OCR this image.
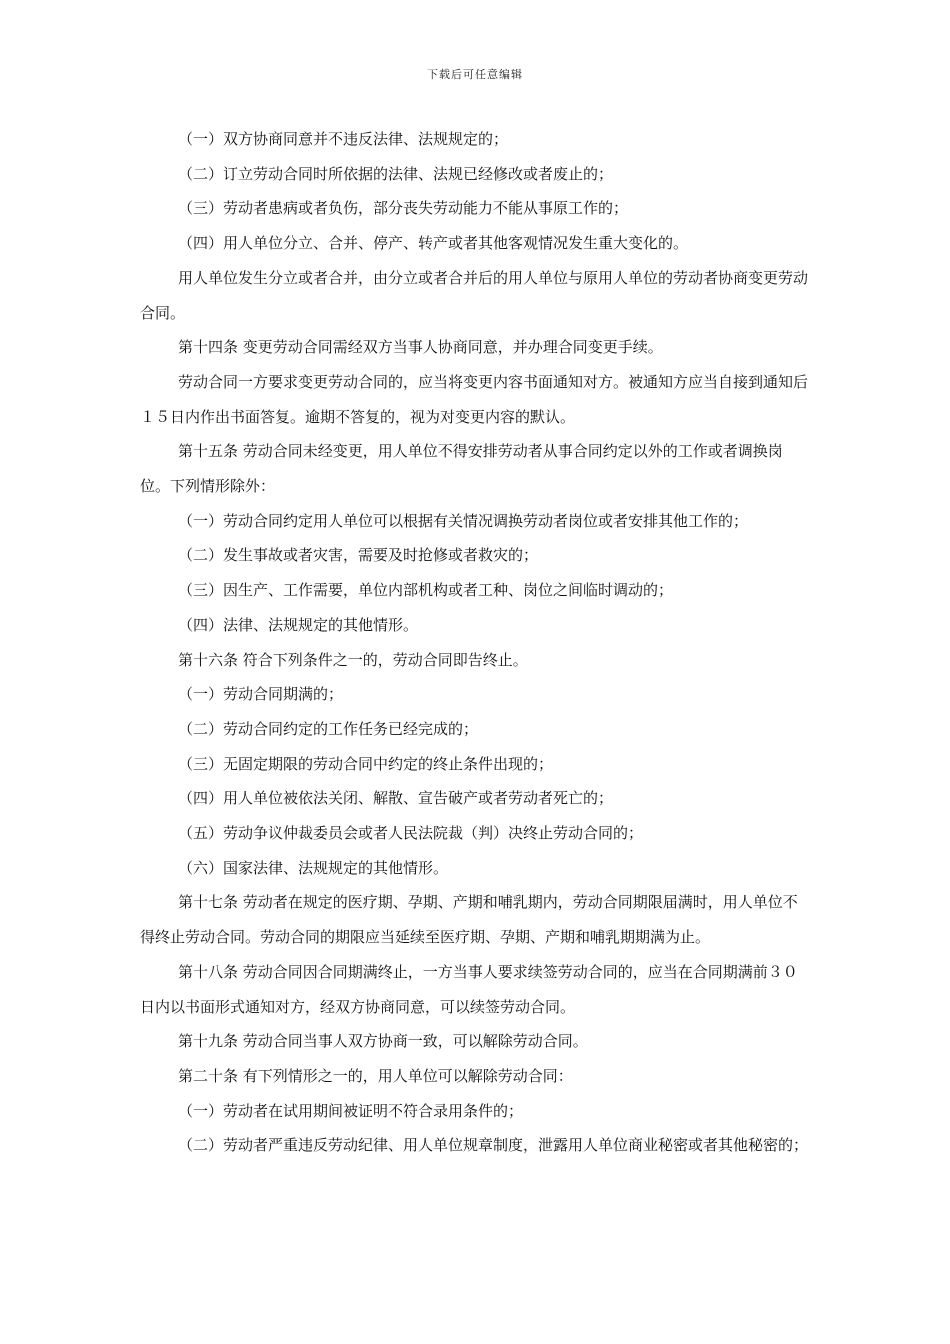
下载后可任意编辑

（一）双方协商同意并不违反法律、法规规定的；

（二）订立劳动合同时所依据的法律、法规已经修改或者废止的；

（三）劳动者患病或者负伤，部分丧失劳动能力不能从事原工作的；

（四）用人单位分立、合并、停产、转产或者其他客观情况发生重大变化的。

用人单位发生分立或者合并，由分立或者合并后的用人单位与原用人单位的劳动者协商变更劳动合同。

第十四条 变更劳动合同需经双方当事人协商同意，并办理合同变更手续。

劳动合同一方要求变更劳动合同的，应当将变更内容书面通知对方。被通知方应当自接到通知后１５日内作出书面答复。逾期不答复的，视为对变更内容的默认。

第十五条 劳动合同未经变更，用人单位不得安排劳动者从事合同约定以外的工作或者调换岗位。下列情形除外：

（一）劳动合同约定用人单位可以根据有关情况调换劳动者岗位或者安排其他工作的；

（二）发生事故或者灾害，需要及时抢修或者救灾的；

（三）因生产、工作需要，单位内部机构或者工种、岗位之间临时调动的；

（四）法律、法规规定的其他情形。

第十六条 符合下列条件之一的，劳动合同即告终止。

（一）劳动合同期满的；

（二）劳动合同约定的工作任务已经完成的；

（三）无固定期限的劳动合同中约定的终止条件出现的；

（四）用人单位被依法关闭、解散、宣告破产或者劳动者死亡的；

（五）劳动争议仲裁委员会或者人民法院裁（判）决终止劳动合同的；

（六）国家法律、法规规定的其他情形。

第十七条 劳动者在规定的医疗期、孕期、产期和哺乳期内，劳动合同期限届满时，用人单位不得终止劳动合同。劳动合同的期限应当延续至医疗期、孕期、产期和哺乳期期满为止。

第十八条 劳动合同因合同期满终止，一方当事人要求续签劳动合同的，应当在合同期满前３０日内以书面形式通知对方，经双方协商同意，可以续签劳动合同。

第十九条 劳动合同当事人双方协商一致，可以解除劳动合同。

第二十条 有下列情形之一的，用人单位可以解除劳动合同：

（一）劳动者在试用期间被证明不符合录用条件的；

（二）劳动者严重违反劳动纪律、用人单位规章制度，泄露用人单位商业秘密或者其他秘密的；
